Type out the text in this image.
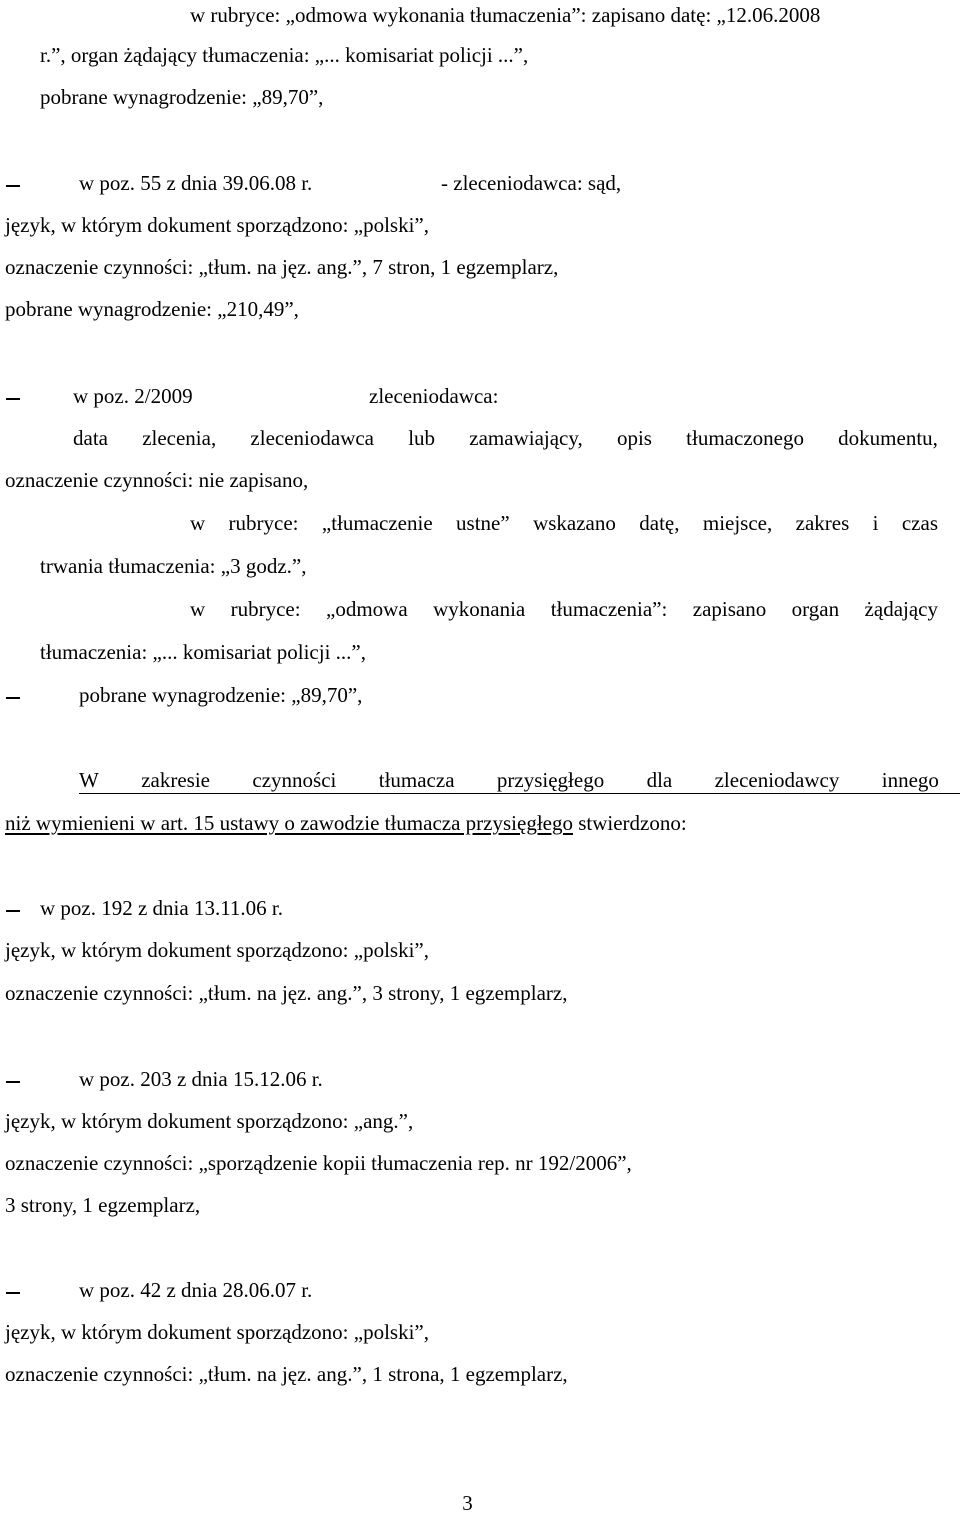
w rubryce: „odmowa wykonania tłumaczenia”: zapisano datę: „12.06.2008
r.”, organ żądający tłumaczenia: „... komisariat policji ...”,
pobrane wynagrodzenie: „89,70”,
w poz. 55 z dnia 39.06.08 r.	- zleceniodawca: sąd,
język, w którym dokument sporządzono: „polski”,
oznaczenie czynności: „tłum. na jęz. ang.”, 7 stron, 1 egzemplarz,
pobrane wynagrodzenie: „210,49”,
w poz. 2/2009	zleceniodawca:
data zlecenia, zleceniodawca lub zamawiający, opis tłumaczonego dokumentu,
oznaczenie czynności: nie zapisano,
w rubryce: „tłumaczenie ustne” wskazano datę, miejsce, zakres i czas
trwania tłumaczenia: „3 godz.”,
w rubryce: „odmowa wykonania tłumaczenia”: zapisano organ żądający
tłumaczenia: „... komisariat policji ...”,
pobrane wynagrodzenie: „89,70”,
W zakresie czynności tłumacza przysięgłego dla zleceniodawcy innego
niż wymienieni w art. 15 ustawy o zawodzie tłumacza przysięgłego stwierdzono:
w poz. 192 z dnia 13.11.06 r.
język, w którym dokument sporządzono: „polski”,
oznaczenie czynności: „tłum. na jęz. ang.”, 3 strony, 1 egzemplarz,
w poz. 203 z dnia 15.12.06 r.
język, w którym dokument sporządzono: „ang.”,
oznaczenie czynności: „sporządzenie kopii tłumaczenia rep. nr 192/2006”,
3 strony, 1 egzemplarz,
w poz. 42 z dnia 28.06.07 r.
język, w którym dokument sporządzono: „polski”,
oznaczenie czynności: „tłum. na jęz. ang.”, 1 strona, 1 egzemplarz,
3
